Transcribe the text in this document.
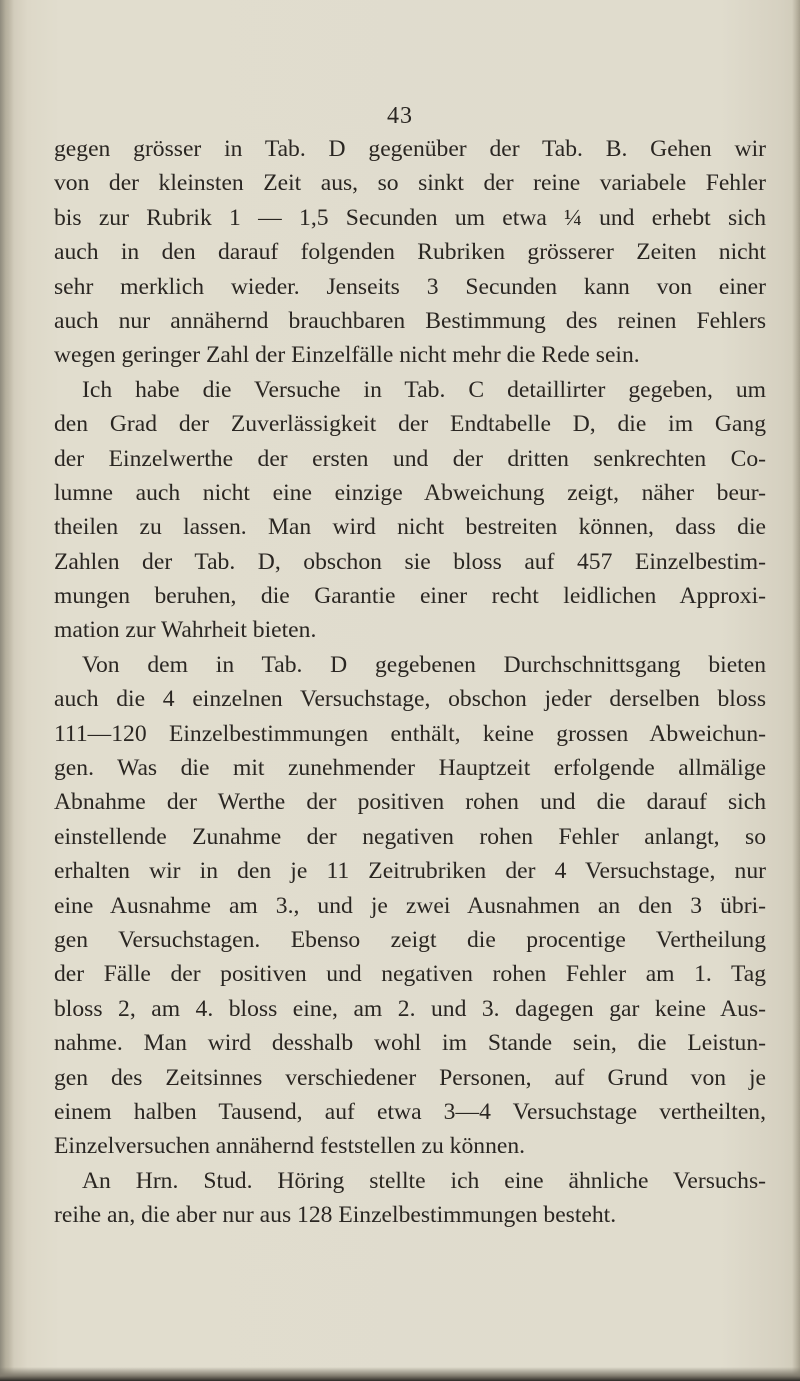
43
gegen grösser in Tab. D gegenüber der Tab. B. Gehen wir
von der kleinsten Zeit aus, so sinkt der reine variabele Fehler
bis zur Rubrik 1 — 1,5 Secunden um etwa ¼ und erhebt sich
auch in den darauf folgenden Rubriken grösserer Zeiten nicht
sehr merklich wieder. Jenseits 3 Secunden kann von einer
auch nur annähernd brauchbaren Bestimmung des reinen Fehlers
wegen geringer Zahl der Einzelfälle nicht mehr die Rede sein.
Ich habe die Versuche in Tab. C detaillirter gegeben, um
den Grad der Zuverlässigkeit der Endtabelle D, die im Gang
der Einzelwerthe der ersten und der dritten senkrechten Co-
lumne auch nicht eine einzige Abweichung zeigt, näher beur-
theilen zu lassen. Man wird nicht bestreiten können, dass die
Zahlen der Tab. D, obschon sie bloss auf 457 Einzelbestim-
mungen beruhen, die Garantie einer recht leidlichen Approxi-
mation zur Wahrheit bieten.
Von dem in Tab. D gegebenen Durchschnittsgang bieten
auch die 4 einzelnen Versuchstage, obschon jeder derselben bloss
111—120 Einzelbestimmungen enthält, keine grossen Abweichun-
gen. Was die mit zunehmender Hauptzeit erfolgende allmälige
Abnahme der Werthe der positiven rohen und die darauf sich
einstellende Zunahme der negativen rohen Fehler anlangt, so
erhalten wir in den je 11 Zeitrubriken der 4 Versuchstage, nur
eine Ausnahme am 3., und je zwei Ausnahmen an den 3 übri-
gen Versuchstagen. Ebenso zeigt die procentige Vertheilung
der Fälle der positiven und negativen rohen Fehler am 1. Tag
bloss 2, am 4. bloss eine, am 2. und 3. dagegen gar keine Aus-
nahme. Man wird desshalb wohl im Stande sein, die Leistun-
gen des Zeitsinnes verschiedener Personen, auf Grund von je
einem halben Tausend, auf etwa 3—4 Versuchstage vertheilten,
Einzelversuchen annähernd feststellen zu können.
An Hrn. Stud. Höring stellte ich eine ähnliche Versuchs-
reihe an, die aber nur aus 128 Einzelbestimmungen besteht.
